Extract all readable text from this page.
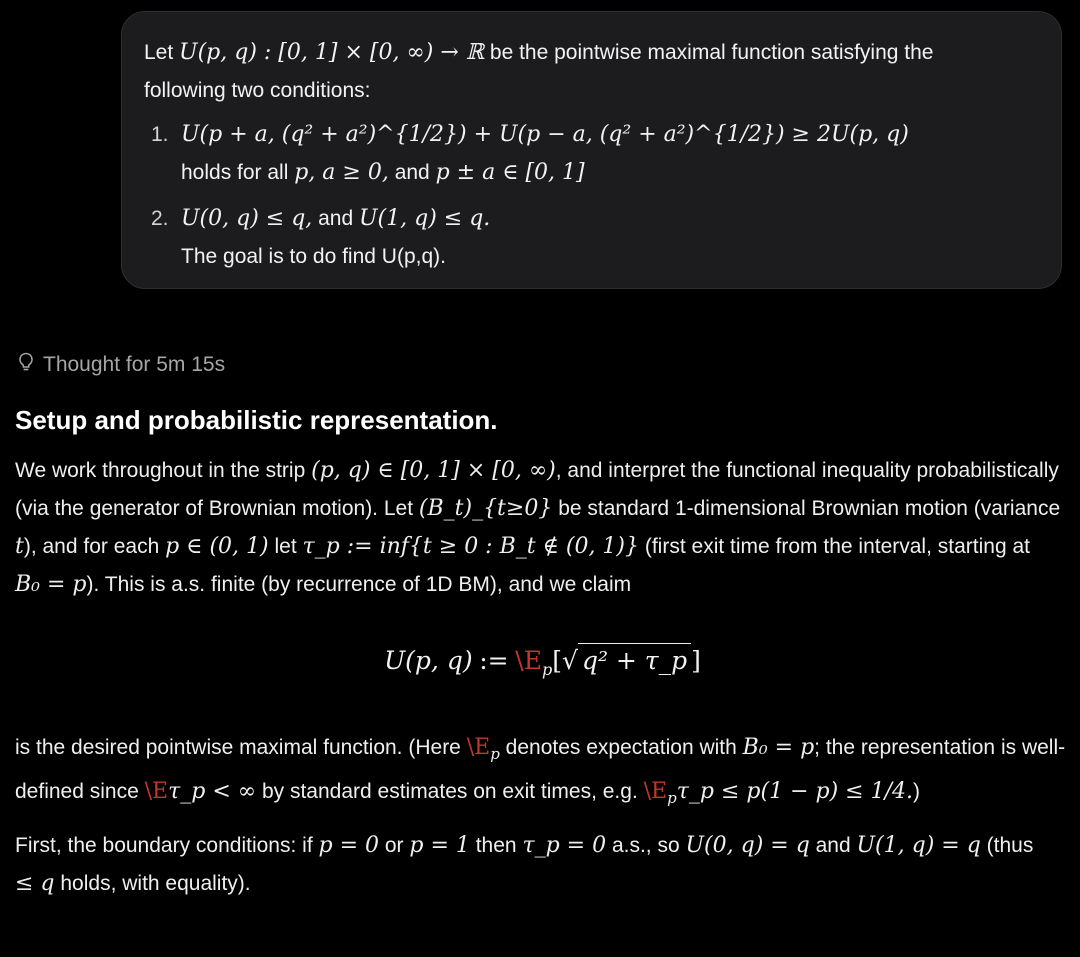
Let U(p, q) : [0, 1] × [0, ∞) → ℝ be the pointwise maximal function satisfying the
following two conditions:

1. U(p + a, (q² + a²)^{1/2}) + U(p − a, (q² + a²)^{1/2}) ≥ 2U(p, q)
holds for all p, a ≥ 0, and p ± a ∈ [0, 1]
2. U(0, q) ≤ q, and U(1, q) ≤ q.
The goal is to do find U(p,q).
Thought for 5m 15s
Setup and probabilistic representation.

We work throughout in the strip (p, q) ∈ [0, 1] × [0, ∞), and interpret the functional inequality probabilistically (via the generator of Brownian motion). Let (B_t)_{t≥0} be standard 1-dimensional Brownian motion (variance t), and for each p ∈ (0, 1) let τ_p := inf{t ≥ 0 : B_t ∉ (0, 1)} (first exit time from the interval, starting at B₀ = p). This is a.s. finite (by recurrence of 1D BM), and we claim

U(p, q) := $\backslash E_p[√$ q² + τ_p ]

is the desired pointwise maximal function. (Here $\backslash E_p$ denotes expectation with B₀ = p; the representation is well-defined since \Eτ_p < ∞ by standard estimates on exit times, e.g. $\backslash E_p\tau\_p \le p(1 - p) \le 1/4$.)

First, the boundary conditions: if p = 0 or p = 1 then τ_p = 0 a.s., so U(0, q) = q and U(1, q) = q (thus ≤ q holds, with equality).
